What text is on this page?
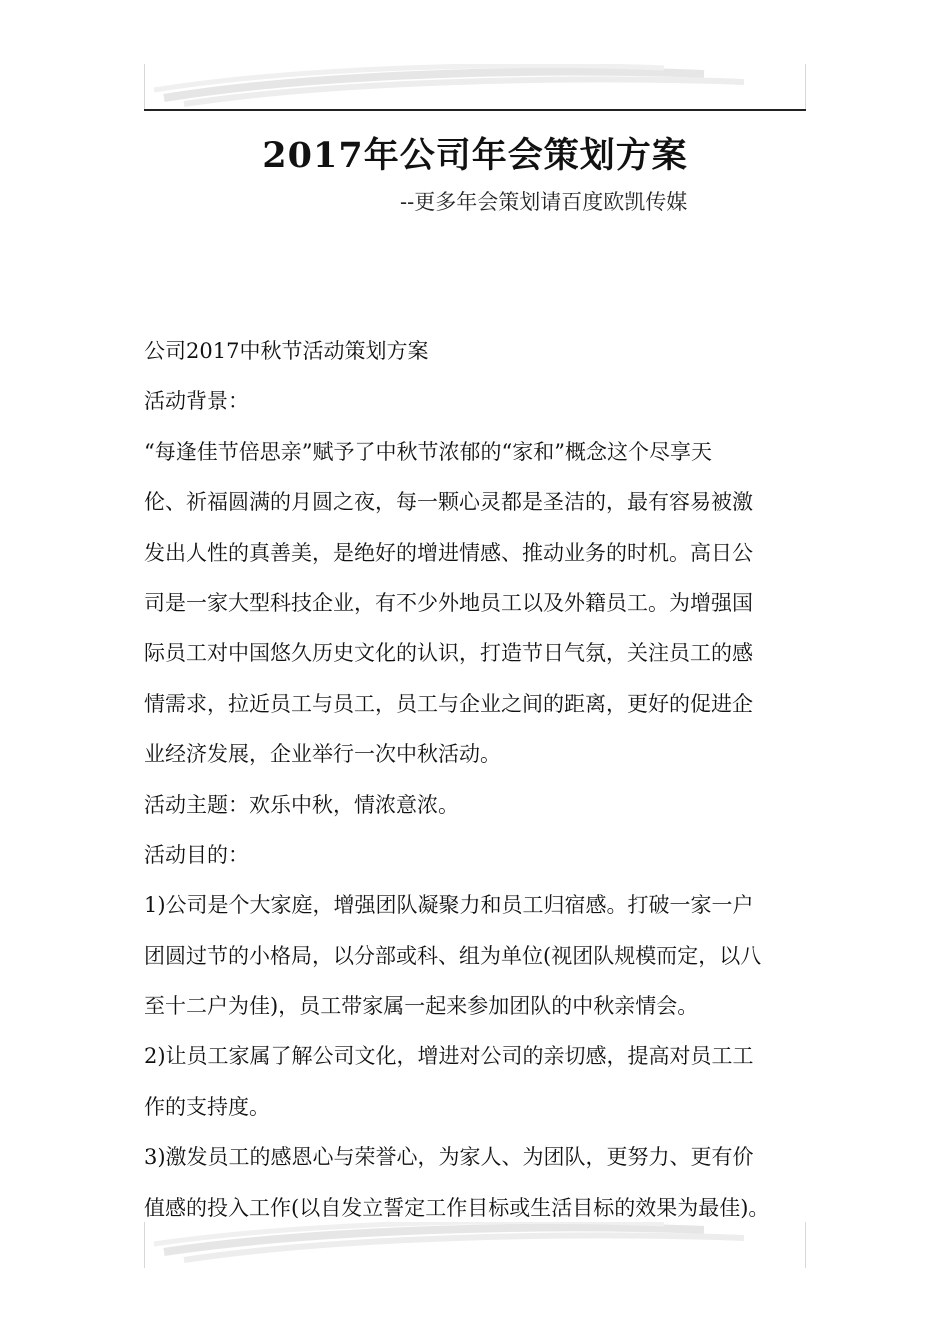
2017年公司年会策划方案
--更多年会策划请百度欧凯传媒
公司2017中秋节活动策划方案
活动背景：
“每逢佳节倍思亲”赋予了中秋节浓郁的“家和”概念这个尽享天
伦、祈福圆满的月圆之夜，每一颗心灵都是圣洁的，最有容易被激
发出人性的真善美，是绝好的增进情感、推动业务的时机。高日公
司是一家大型科技企业，有不少外地员工以及外籍员工。为增强国
际员工对中国悠久历史文化的认识，打造节日气氛，关注员工的感
情需求，拉近员工与员工，员工与企业之间的距离，更好的促进企
业经济发展，企业举行一次中秋活动。
活动主题：欢乐中秋，情浓意浓。
活动目的：
1)公司是个大家庭，增强团队凝聚力和员工归宿感。打破一家一户
团圆过节的小格局，以分部或科、组为单位(视团队规模而定，以八
至十二户为佳)，员工带家属一起来参加团队的中秋亲情会。
2)让员工家属了解公司文化，增进对公司的亲切感，提高对员工工
作的支持度。
3)激发员工的感恩心与荣誉心，为家人、为团队，更努力、更有价
值感的投入工作(以自发立誓定工作目标或生活目标的效果为最佳)。
